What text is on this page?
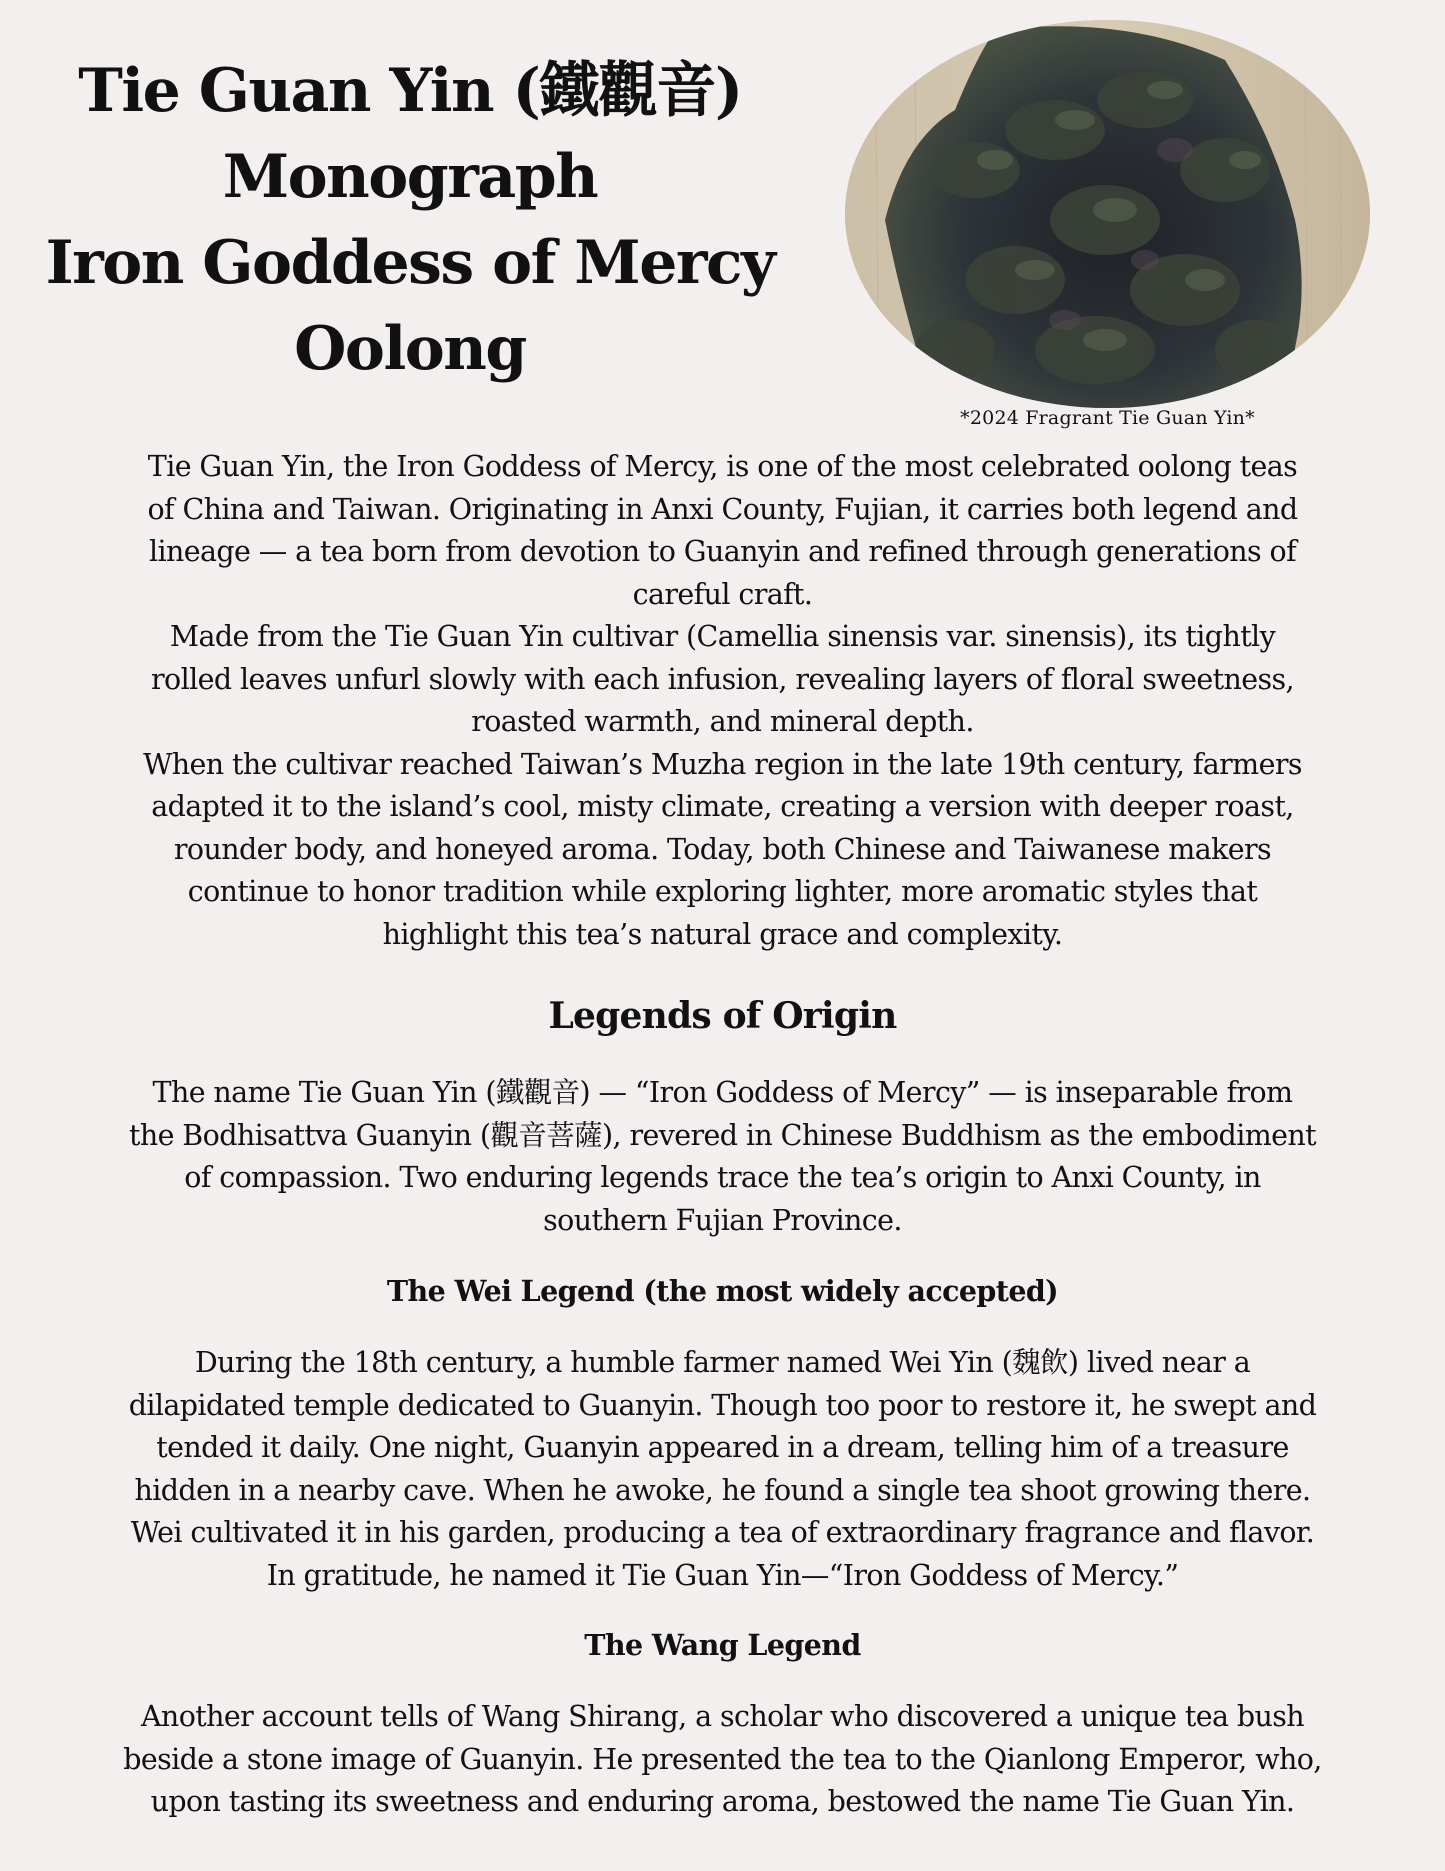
Tie Guan Yin (鐵觀音)
Monograph
Iron Goddess of Mercy
Oolong
*2024 Fragrant Tie Guan Yin*

Tie Guan Yin, the Iron Goddess of Mercy, is one of the most celebrated oolong teas
of China and Taiwan. Originating in Anxi County, Fujian, it carries both legend and
lineage — a tea born from devotion to Guanyin and refined through generations of
careful craft.

Made from the Tie Guan Yin cultivar (Camellia sinensis var. sinensis), its tightly
rolled leaves unfurl slowly with each infusion, revealing layers of floral sweetness,
roasted warmth, and mineral depth.

When the cultivar reached Taiwan’s Muzha region in the late 19th century, farmers
adapted it to the island’s cool, misty climate, creating a version with deeper roast,
rounder body, and honeyed aroma. Today, both Chinese and Taiwanese makers
continue to honor tradition while exploring lighter, more aromatic styles that
highlight this tea’s natural grace and complexity.

Legends of Origin
The name Tie Guan Yin (鐵觀音) — “Iron Goddess of Mercy” — is inseparable from
the Bodhisattva Guanyin (觀音菩薩), revered in Chinese Buddhism as the embodiment
of compassion. Two enduring legends trace the tea’s origin to Anxi County, in
southern Fujian Province.
The Wei Legend (the most widely accepted)
During the 18th century, a humble farmer named Wei Yin (魏飲) lived near a
dilapidated temple dedicated to Guanyin. Though too poor to restore it, he swept and
tended it daily. One night, Guanyin appeared in a dream, telling him of a treasure
hidden in a nearby cave. When he awoke, he found a single tea shoot growing there.
Wei cultivated it in his garden, producing a tea of extraordinary fragrance and flavor.
In gratitude, he named it Tie Guan Yin—“Iron Goddess of Mercy.”
The Wang Legend
Another account tells of Wang Shirang, a scholar who discovered a unique tea bush
beside a stone image of Guanyin. He presented the tea to the Qianlong Emperor, who,
upon tasting its sweetness and enduring aroma, bestowed the name Tie Guan Yin.
